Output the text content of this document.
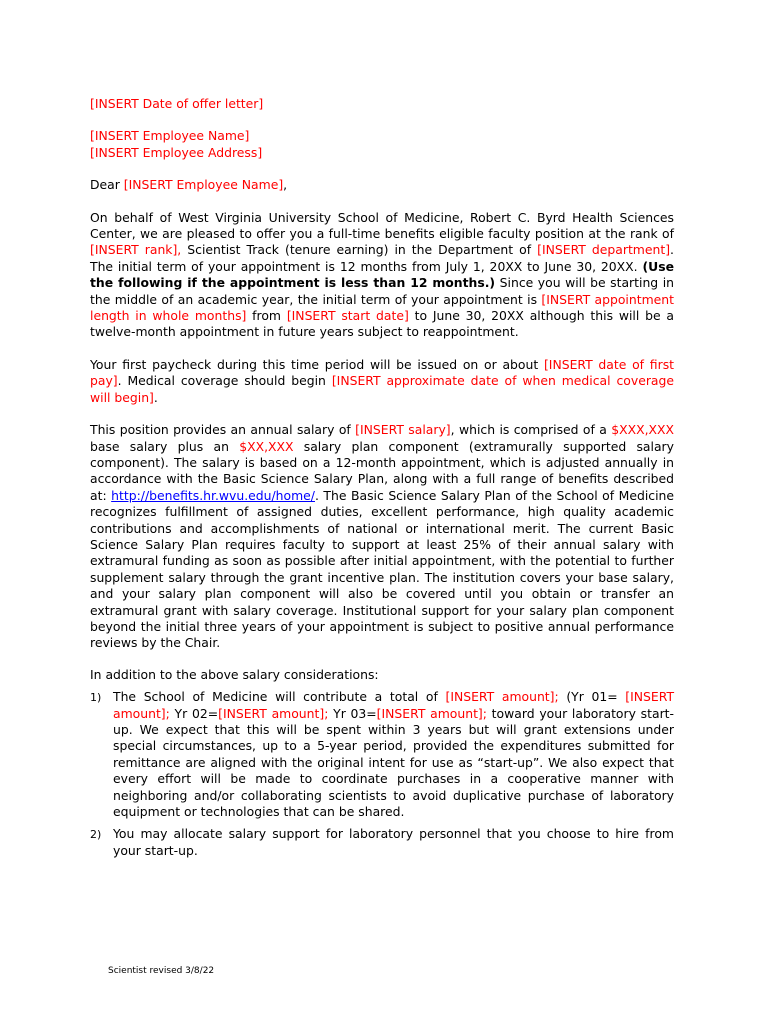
[INSERT Date of offer letter]

[INSERT Employee Name]

[INSERT Employee Address]

Dear [INSERT Employee Name],

On behalf of West Virginia University School of Medicine, Robert C. Byrd Health Sciences Center, we are pleased to offer you a full-time benefits eligible faculty position at the rank of [INSERT rank], Scientist Track (tenure earning) in the Department of [INSERT department]. The initial term of your appointment is 12 months from July 1, 20XX to June 30, 20XX. (Use the following if the appointment is less than 12 months.) Since you will be starting in the middle of an academic year, the initial term of your appointment is [INSERT appointment length in whole months] from [INSERT start date] to June 30, 20XX although this will be a twelve-month appointment in future years subject to reappointment.

Your first paycheck during this time period will be issued on or about [INSERT date of first pay]. Medical coverage should begin [INSERT approximate date of when medical coverage will begin].

This position provides an annual salary of [INSERT salary], which is comprised of a $XXX,XXX base salary plus an $XX,XXX salary plan component (extramurally supported salary component). The salary is based on a 12-month appointment, which is adjusted annually in accordance with the Basic Science Salary Plan, along with a full range of benefits described at: http://benefits.hr.wvu.edu/home/. The Basic Science Salary Plan of the School of Medicine recognizes fulfillment of assigned duties, excellent performance, high quality academic contributions and accomplishments of national or international merit. The current Basic Science Salary Plan requires faculty to support at least 25% of their annual salary with extramural funding as soon as possible after initial appointment, with the potential to further supplement salary through the grant incentive plan. The institution covers your base salary, and your salary plan component will also be covered until you obtain or transfer an extramural grant with salary coverage. Institutional support for your salary plan component beyond the initial three years of your appointment is subject to positive annual performance reviews by the Chair.

In addition to the above salary considerations:

1) The School of Medicine will contribute a total of [INSERT amount]; (Yr 01= [INSERT amount]; Yr 02=[INSERT amount]; Yr 03=[INSERT amount]; toward your laboratory start-up. We expect that this will be spent within 3 years but will grant extensions under special circumstances, up to a 5-year period, provided the expenditures submitted for remittance are aligned with the original intent for use as “start-up”. We also expect that every effort will be made to coordinate purchases in a cooperative manner with neighboring and/or collaborating scientists to avoid duplicative purchase of laboratory equipment or technologies that can be shared.

2) You may allocate salary support for laboratory personnel that you choose to hire from your start-up.

Scientist revised 3/8/22
